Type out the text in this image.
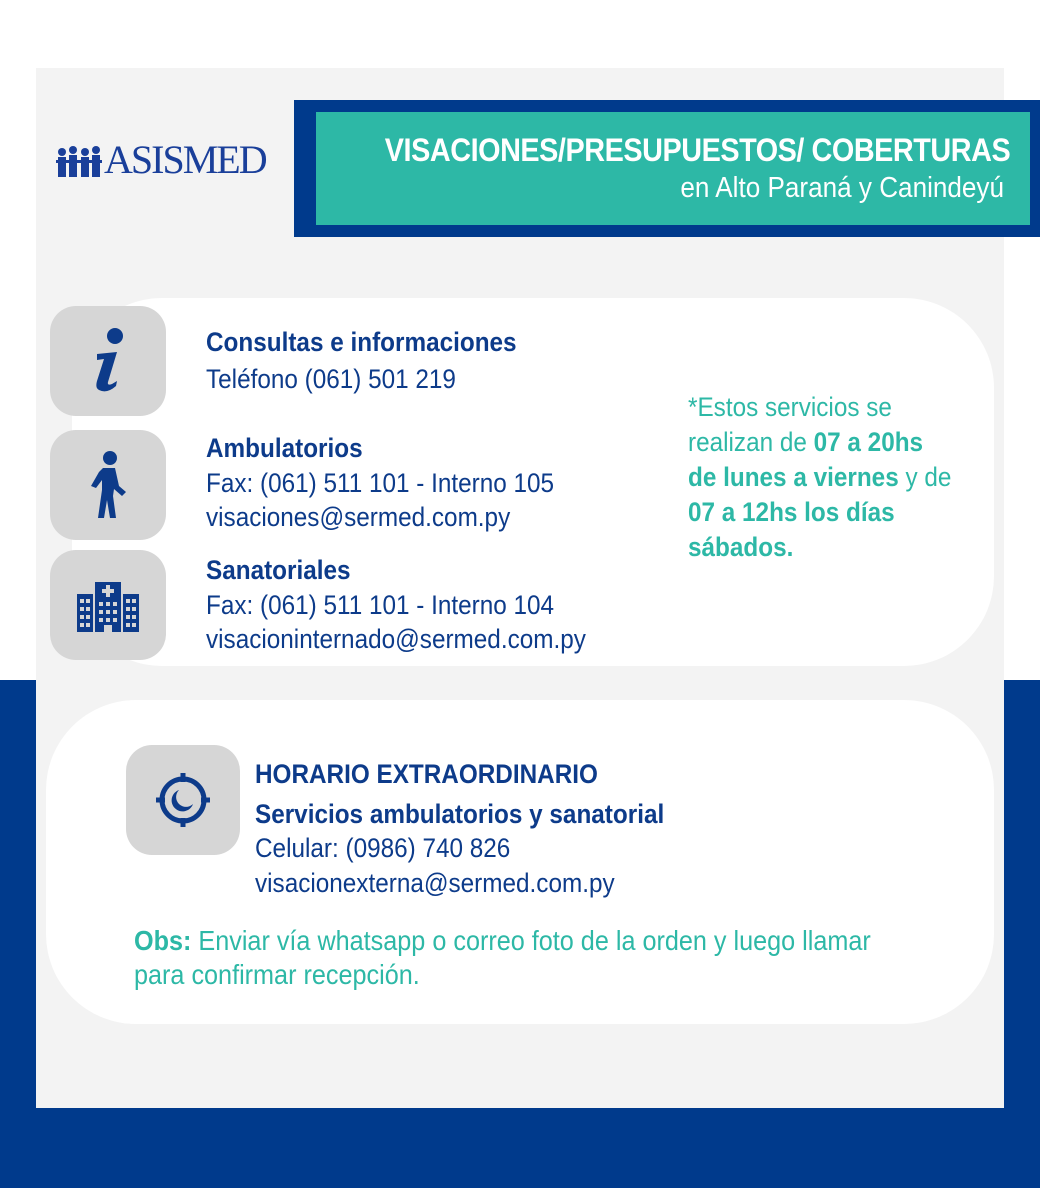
ASISMED	VISACIONES/PRESUPUESTOS/ COBERTURAS
en Alto Paraná y Canindeyú
Consultas e informaciones
Teléfono (061) 501 219
Ambulatorios
Fax: (061) 511 101 - Interno 105
visaciones@sermed.com.py
Sanatoriales
Fax: (061) 511 101 - Interno 104
visacioninternado@sermed.com.py
*Estos servicios se realizan de 07 a 20hs de lunes a viernes y de 07 a 12hs los días sábados.
HORARIO EXTRAORDINARIO
Servicios ambulatorios y sanatorial
Celular: (0986) 740 826
visacionexterna@sermed.com.py
Obs: Enviar vía whatsapp o correo foto de la orden y luego llamar
para confirmar recepción.
